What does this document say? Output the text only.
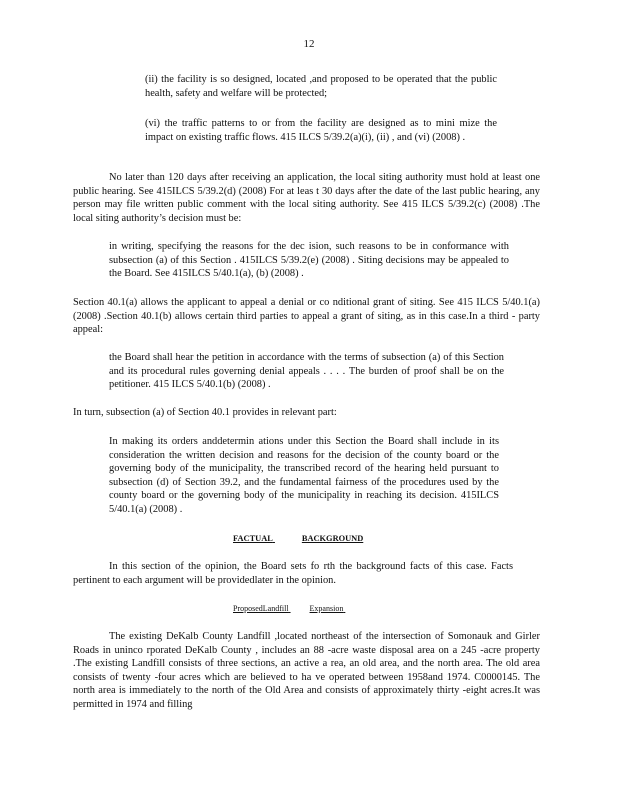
12

(ii) the facility is so designed, located ,and proposed to be operated that the public health, safety and welfare will be protected;

(vi) the traffic patterns to or from the facility are designed as to mini mize the impact on existing traffic flows. 415 ILCS 5/39.2(a)(i), (ii) , and (vi) (2008) .

No later than 120 days after receiving an application, the local siting authority must hold at least one public hearing. See 415ILCS 5/39.2(d) (2008) For at leas t 30 days after the date of the last public hearing, any person may file written public comment with the local siting authority. See 415 ILCS 5/39.2(c) (2008) .The local siting authority’s decision must be:

in writing, specifying the reasons for the dec ision, such reasons to be in conformance with subsection (a) of this Section . 415ILCS 5/39.2(e) (2008) . Siting decisions may be appealed to the Board. See 415ILCS 5/40.1(a), (b) (2008) .

Section 40.1(a) allows the applicant to appeal a denial or co nditional grant of siting. See 415 ILCS 5/40.1(a) (2008) .Section 40.1(b) allows certain third parties to appeal a grant of siting, as in this case.In a third - party appeal:

the Board shall hear the petition in accordance with the terms of subsection (a) of this Section and its procedural rules governing denial appeals . . . . The burden of proof shall be on the petitioner. 415 ILCS 5/40.1(b) (2008) .

In turn, subsection (a) of Section 40.1 provides in relevant part:

In making its orders anddetermin ations under this Section the Board shall include in its consideration the written decision and reasons for the decision of the county board or the governing body of the municipality, the transcribed record of the hearing held pursuant to subsection (d) of Section 39.2, and the fundamental fairness of the procedures used by the county board or the governing body of the municipality in reaching its decision. 415ILCS 5/40.1(a) (2008) .

FACTUAL	BACKGROUND

In this section of the opinion, the Board sets fo rth the background facts of this case. Facts pertinent to each argument will be providedlater in the opinion.

ProposedLandfill	Expansion

The existing DeKalb County Landfill ,located northeast of the intersection of Somonauk and Girler Roads in uninco rporated DeKalb County , includes an 88 -acre waste disposal area on a 245 -acre property .The existing Landfill consists of three sections, an active a rea, an old area, and the north area. The old area consists of twenty -four acres which are believed to ha ve operated between 1958and 1974. C0000145. The north area is immediately to the north of the Old Area and consists of approximately thirty -eight acres.It was permitted in 1974 and filling
